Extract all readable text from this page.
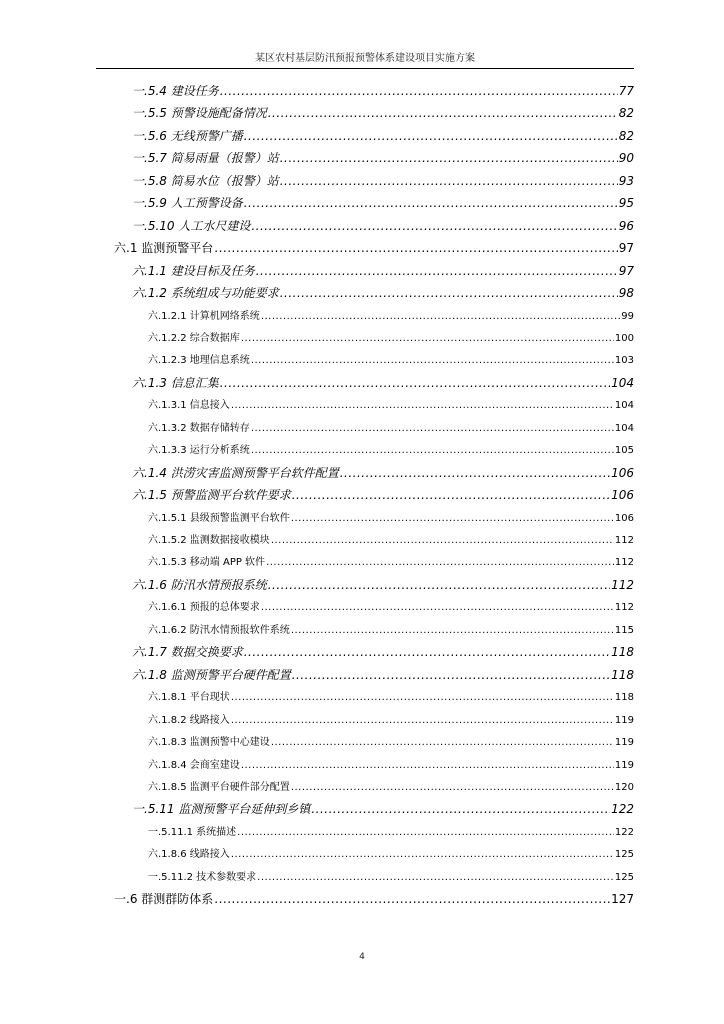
某区农村基层防汛预报预警体系建设项目实施方案
一.5.4 建设任务 .....	77
一.5.5 预警设施配备情况 .....	82
一.5.6 无线预警广播 .....	82
一.5.7 简易雨量（报警）站 .....	90
一.5.8 简易水位（报警）站 .....	93
一.5.9 人工预警设备 .....	95
一.5.10 人工水尺建设 .....	96
六.1 监测预警平台 .....	97
六.1.1 建设目标及任务 .....	97
六.1.2 系统组成与功能要求 .....	98
六.1.2.1 计算机网络系统 .....	99
六.1.2.2 综合数据库 .....	100
六.1.2.3 地理信息系统 .....	103
六.1.3 信息汇集 .....	104
六.1.3.1 信息接入 .....	104
六.1.3.2 数据存储转存 .....	104
六.1.3.3 运行分析系统 .....	105
六.1.4 洪涝灾害监测预警平台软件配置 .....	106
六.1.5 预警监测平台软件要求 .....	106
六.1.5.1 县级预警监测平台软件 .....	106
六.1.5.2 监测数据接收模块 .....	112
六.1.5.3 移动端 APP 软件 .....	112
六.1.6 防汛水情预报系统 .....	112
六.1.6.1 预报的总体要求 .....	112
六.1.6.2 防汛水情预报软件系统 .....	115
六.1.7 数据交换要求 .....	118
六.1.8 监测预警平台硬件配置 .....	118
六.1.8.1 平台现状 .....	118
六.1.8.2 线路接入 .....	119
六.1.8.3 监测预警中心建设 .....	119
六.1.8.4 会商室建设 .....	119
六.1.8.5 监测平台硬件部分配置 .....	120
一.5.11 监测预警平台延伸到乡镇 .....	122
一.5.11.1 系统描述 .....	122
六.1.8.6 线路接入 .....	125
一.5.11.2 技术参数要求 .....	125
一.6 群测群防体系 .....	127
4
